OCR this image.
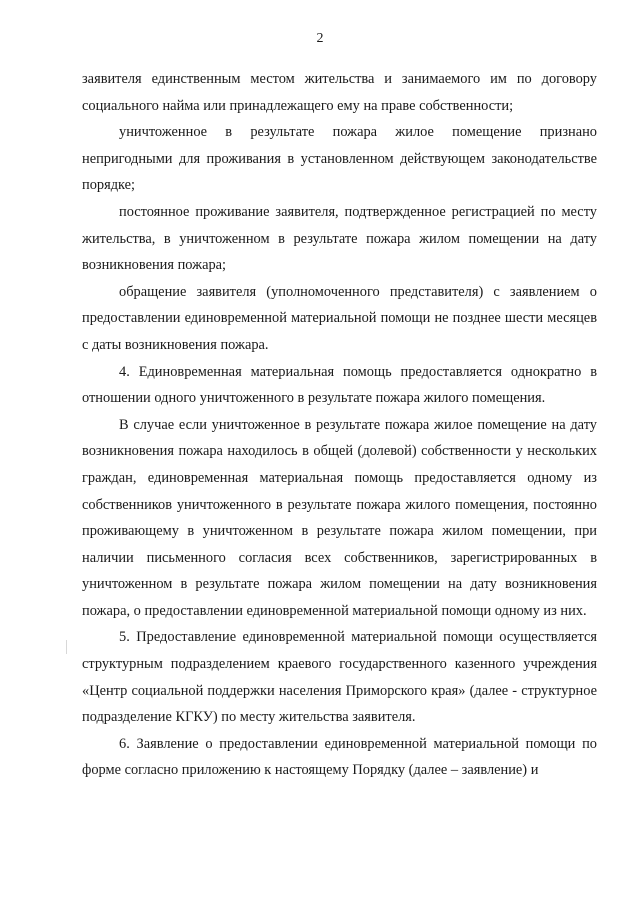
2

заявителя единственным местом жительства и занимаемого им по договору социального найма или принадлежащего ему на праве собственности;

уничтоженное в результате пожара жилое помещение признано непригодными для проживания в установленном действующем законодательстве порядке;

постоянное проживание заявителя, подтвержденное регистрацией по месту жительства, в уничтоженном в результате пожара жилом помещении на дату возникновения пожара;

обращение заявителя (уполномоченного представителя) с заявлением о предоставлении единовременной материальной помощи не позднее шести месяцев с даты возникновения пожара.

4. Единовременная материальная помощь предоставляется однократно в отношении одного уничтоженного в результате пожара жилого помещения.

В случае если уничтоженное в результате пожара жилое помещение на дату возникновения пожара находилось в общей (долевой) собственности у нескольких граждан, единовременная материальная помощь предоставляется одному из собственников уничтоженного в результате пожара жилого помещения, постоянно проживающему в уничтоженном в результате пожара жилом помещении, при наличии письменного согласия всех собственников, зарегистрированных в уничтоженном в результате пожара жилом помещении на дату возникновения пожара, о предоставлении единовременной материальной помощи одному из них.

5. Предоставление единовременной материальной помощи осуществляется структурным подразделением краевого государственного казенного учреждения «Центр социальной поддержки населения Приморского края» (далее - структурное подразделение КГКУ) по месту жительства заявителя.

6. Заявление о предоставлении единовременной материальной помощи по форме согласно приложению к настоящему Порядку (далее – заявление) и
